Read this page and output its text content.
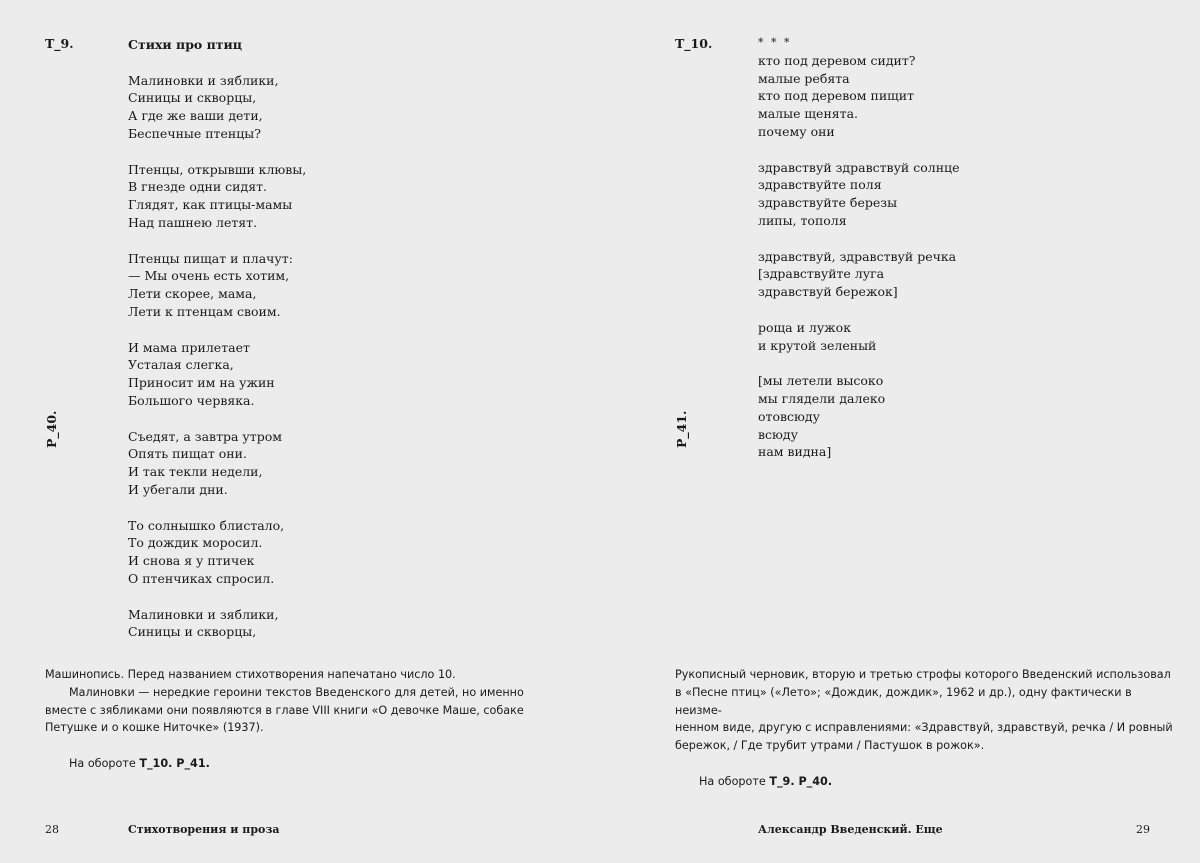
T_9.
P_40.
Стихи про птиц
Малиновки и зяблики,
Синицы и скворцы,
А где же ваши дети,
Беспечные птенцы?
Птенцы, открывши клювы,
В гнезде одни сидят.
Глядят, как птицы-мамы
Над пашнею летят.
Птенцы пищат и плачут:
— Мы очень есть хотим,
Лети скорее, мама,
Лети к птенцам своим.
И мама прилетает
Усталая слегка,
Приносит им на ужин
Большого червяка.
Съедят, а завтра утром
Опять пищат они.
И так текли недели,
И убегали дни.
То солнышко блистало,
То дождик моросил.
И снова я у птичек
О птенчиках спросил.
Малиновки и зяблики,
Синицы и скворцы,

Машинопись. Перед названием стихотворения напечатано число 10.

Малиновки — нередкие героини текстов Введенского для детей, но именно

вместе с зябликами они появляются в главе VIII книги «О девочке Маше, собаке

Петушке и о кошке Ниточке» (1937).

На обороте T_10. P_41.

28	Стихотворения и проза
T_10.
P_41.
* * *
кто под деревом сидит?
малые ребята
кто под деревом пищит
малые щенята.
почему они
здравствуй здравствуй солнце
здравствуйте поля
здравствуйте березы
липы, тополя
здравствуй, здравствуй речка
[здравствуйте луга
здравствуй бережок]
роща и лужок
и крутой зеленый
[мы летели высоко
мы глядели далеко
отовсюду
всюду
нам видна]

Рукописный черновик, вторую и третью строфы которого Введенский использовал

в «Песне птиц» («Лето»; «Дождик, дождик», 1962 и др.), одну фактически в неизме-

ненном виде, другую с исправлениями: «Здравствуй, здравствуй, речка / И ровный

бережок, / Где трубит утрами / Пастушок в рожок».

На обороте T_9. P_40.

Александр Введенский. Еще	29
